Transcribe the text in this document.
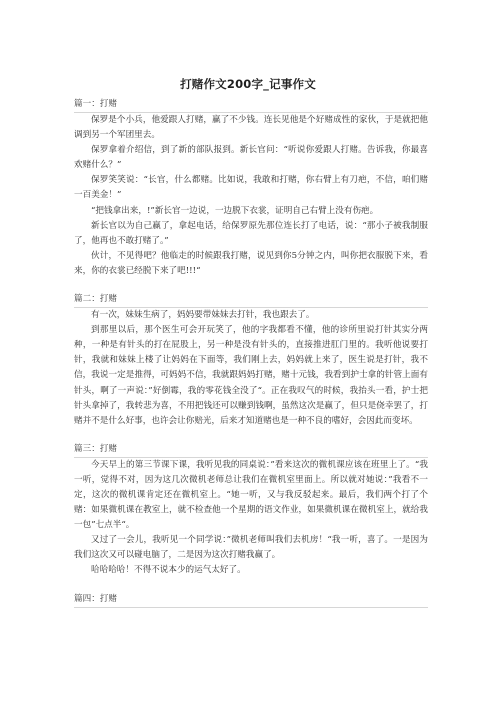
打赌作文200字_记事作文

篇一：打赌

保罗是个小兵，他爱跟人打赌，赢了不少钱。连长见他是个好赌成性的家伙，于是就把他调到另一个军团里去。

保罗拿着介绍信，到了新的部队报到。新长官问：“听说你爱跟人打赌。告诉我，你最喜欢赌什么？”

保罗笑笑说：“长官，什么都赌。比如说，我敢和打赌，你右臂上有刀疤，不信，咱们赌一百美金！”

“把钱拿出来，!”新长官一边说，一边脱下衣裳，证明自己右臂上没有伤疤。

新长官以为自己赢了，拿起电话，给保罗原先那位连长打了电话，说：“那小子被我制服了，他再也不敢打赌了。”

伙计，不见得吧？他临走的时候跟我打赌，说见到你5分钟之内，叫你把衣服脱下来，看来，你的衣裳已经脱下来了吧!!!“

篇二：打赌

有一次，妹妹生病了，妈妈要带妹妹去打针，我也跟去了。

到那里以后，那个医生可会开玩笑了，他的字我都看不懂，他的诊所里说打针其实分两种，一种是有针头的打在屁股上，另一种是没有针头的，直接推进肛门里的。我听他说要打针，我就和妹妹上楼了让妈妈在下面等，我们刚上去，妈妈就上来了，医生说是打针，我不信，我说一定是推得，可妈妈不信，我就跟妈妈打赌，赌十元钱，我看到护士拿的针管上面有针头，啊了一声说：”好倒霉，我的零花钱全没了“。正在我叹气的时候，我抬头一看，护士把针头拿掉了，我转悲为喜，不用把钱还可以赚到钱啊，虽然这次是赢了，但只是侥幸罢了，打赌并不是什么好事，也许会让你赔光，后来才知道赌也是一种不良的嗜好，会因此而变坏。

篇三：打赌

今天早上的第三节课下课，我听见我的同桌说：”看来这次的微机课应该在班里上了。“我一听，觉得不对，因为这几次微机老师总让我们在微机室里面上。所以就对她说：”我看不一定，这次的微机课肯定还在微机室上。“她一听，又与我反驳起来。最后，我们两个打了个赌：如果微机课在教室上，就不检查他一个星期的语文作业，如果微机课在微机室上，就给我一包”七点半“。

又过了一会儿，我听见一个同学说：”微机老师叫我们去机房！“我一听，喜了。一是因为我们这次又可以碰电脑了，二是因为这次打赌我赢了。

哈哈哈哈！不得不说本少的运气太好了。

篇四：打赌
